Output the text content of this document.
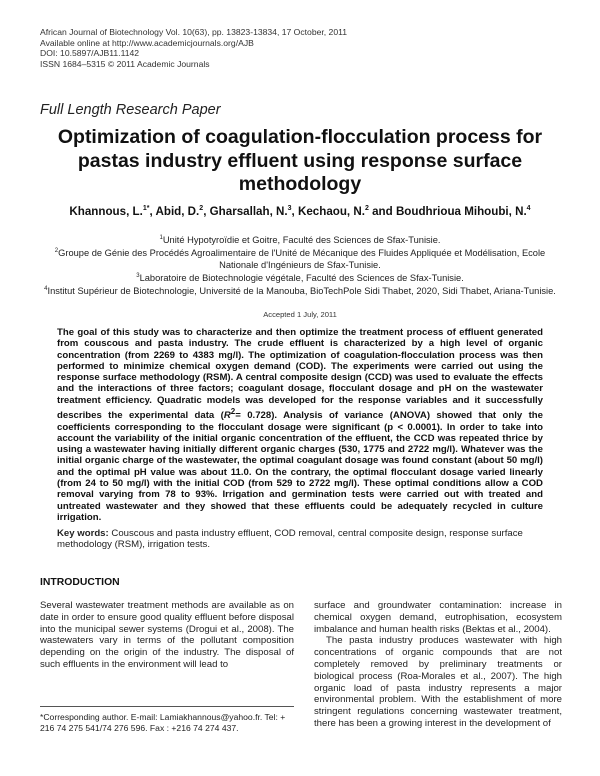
African Journal of Biotechnology Vol. 10(63), pp. 13823-13834, 17 October, 2011
Available online at http://www.academicjournals.org/AJB
DOI: 10.5897/AJB11.1142
ISSN 1684–5315 © 2011 Academic Journals
Full Length Research Paper
Optimization of coagulation-flocculation process for pastas industry effluent using response surface methodology
Khannous, L.$^{1*}$, Abid, D.$^2$, Gharsallah, N.$^3$, Kechaou, N.$^2$ and Boudhrioua Mihoubi, N.$^4$
$^1$Unité Hypotyroïdie et Goitre, Faculté des Sciences de Sfax-Tunisie.
$^2$Groupe de Génie des Procédés Agroalimentaire de l'Unité de Mécanique des Fluides Appliquée et Modélisation, Ecole Nationale d'Ingénieurs de Sfax-Tunisie.
$^3$Laboratoire de Biotechnologie végétale, Faculté des Sciences de Sfax-Tunisie.
$^4$Institut Supérieur de Biotechnologie, Université de la Manouba, BioTechPole Sidi Thabet, 2020, Sidi Thabet, Ariana-Tunisie.
Accepted 1 July, 2011
The goal of this study was to characterize and then optimize the treatment process of effluent generated from couscous and pasta industry. The crude effluent is characterized by a high level of organic concentration (from 2269 to 4383 mg/l). The optimization of coagulation-flocculation process was then performed to minimize chemical oxygen demand (COD). The experiments were carried out using the response surface methodology (RSM). A central composite design (CCD) was used to evaluate the effects and the interactions of three factors; coagulant dosage, flocculant dosage and pH on the wastewater treatment efficiency. Quadratic models was developed for the response variables and it successfully describes the experimental data $(R^2= 0.728)$. Analysis of variance (ANOVA) showed that only the coefficients corresponding to the flocculant dosage were significant (p < 0.0001). In order to take into account the variability of the initial organic concentration of the effluent, the CCD was repeated thrice by using a wastewater having initially different organic charges (530, 1775 and 2722 mg/l). Whatever was the initial organic charge of the wastewater, the optimal coagulant dosage was found constant (about 50 mg/l) and the optimal pH value was about 11.0. On the contrary, the optimal flocculant dosage varied linearly (from 24 to 50 mg/l) with the initial COD (from 529 to 2722 mg/l). These optimal conditions allow a COD removal varying from 78 to 93%. Irrigation and germination tests were carried out with treated and untreated wastewater and they showed that these effluents could be adequately recycled in culture irrigation.
Key words: Couscous and pasta industry effluent, COD removal, central composite design, response surface methodology (RSM), irrigation tests.
INTRODUCTION

Several wastewater treatment methods are available as on date in order to ensure good quality effluent before disposal into the municipal sewer systems (Drogui et al., 2008). The wastewaters vary in terms of the pollutant composition depending on the origin of the industry. The disposal of such effluents in the environment will lead to

surface and groundwater contamination: increase in chemical oxygen demand, eutrophisation, ecosystem imbalance and human health risks (Bektas et al., 2004).

The pasta industry produces wastewater with high concentrations of organic compounds that are not completely removed by preliminary treatments or biological process (Roa-Morales et al., 2007). The high organic load of pasta industry represents a major environmental problem. With the establishment of more stringent regulations concerning wastewater treatment, there has been a growing interest in the development of

*Corresponding author. E-mail: Lamiakhannous@yahoo.fr. Tel: + 216 74 275 541/74 276 596. Fax : +216 74 274 437.
